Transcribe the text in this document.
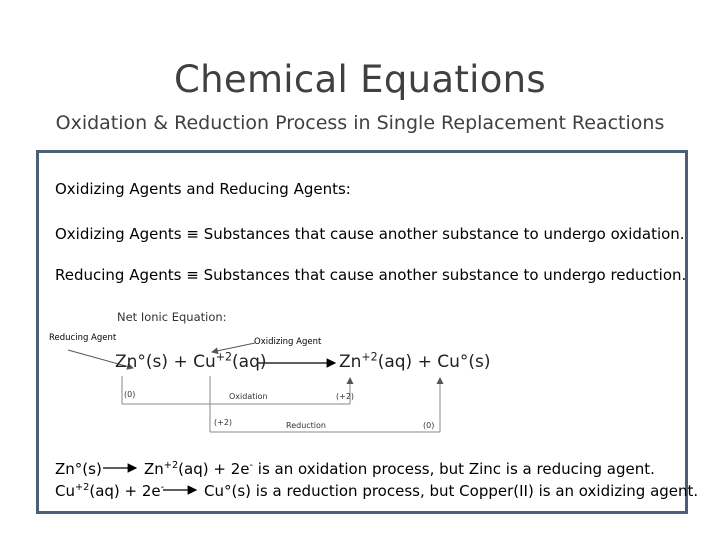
Chemical Equations
Oxidation & Reduction Process in Single Replacement Reactions
Oxidizing Agents and Reducing Agents:
Oxidizing Agents ≡ Substances that cause another substance to undergo oxidation.
Reducing Agents ≡ Substances that cause another substance to undergo reduction.
Net Ionic Equation:
Reducing Agent	Oxidizing Agent
$Zn^\circ(s) + Cu^{+2}(aq)$	$Zn^{+2}(aq) + Cu^\circ(s)$
(0)	(+2)
Oxidation
(+2)	Reduction	(0)
Zn°(s)	$Zn^{+2}(aq) + 2e^-$ is an oxidation process, but Zinc is a reducing agent.
$Cu^{+2}(aq) + 2e^-$	Cu°(s) is a reduction process, but Copper(II) is an oxidizing agent.
